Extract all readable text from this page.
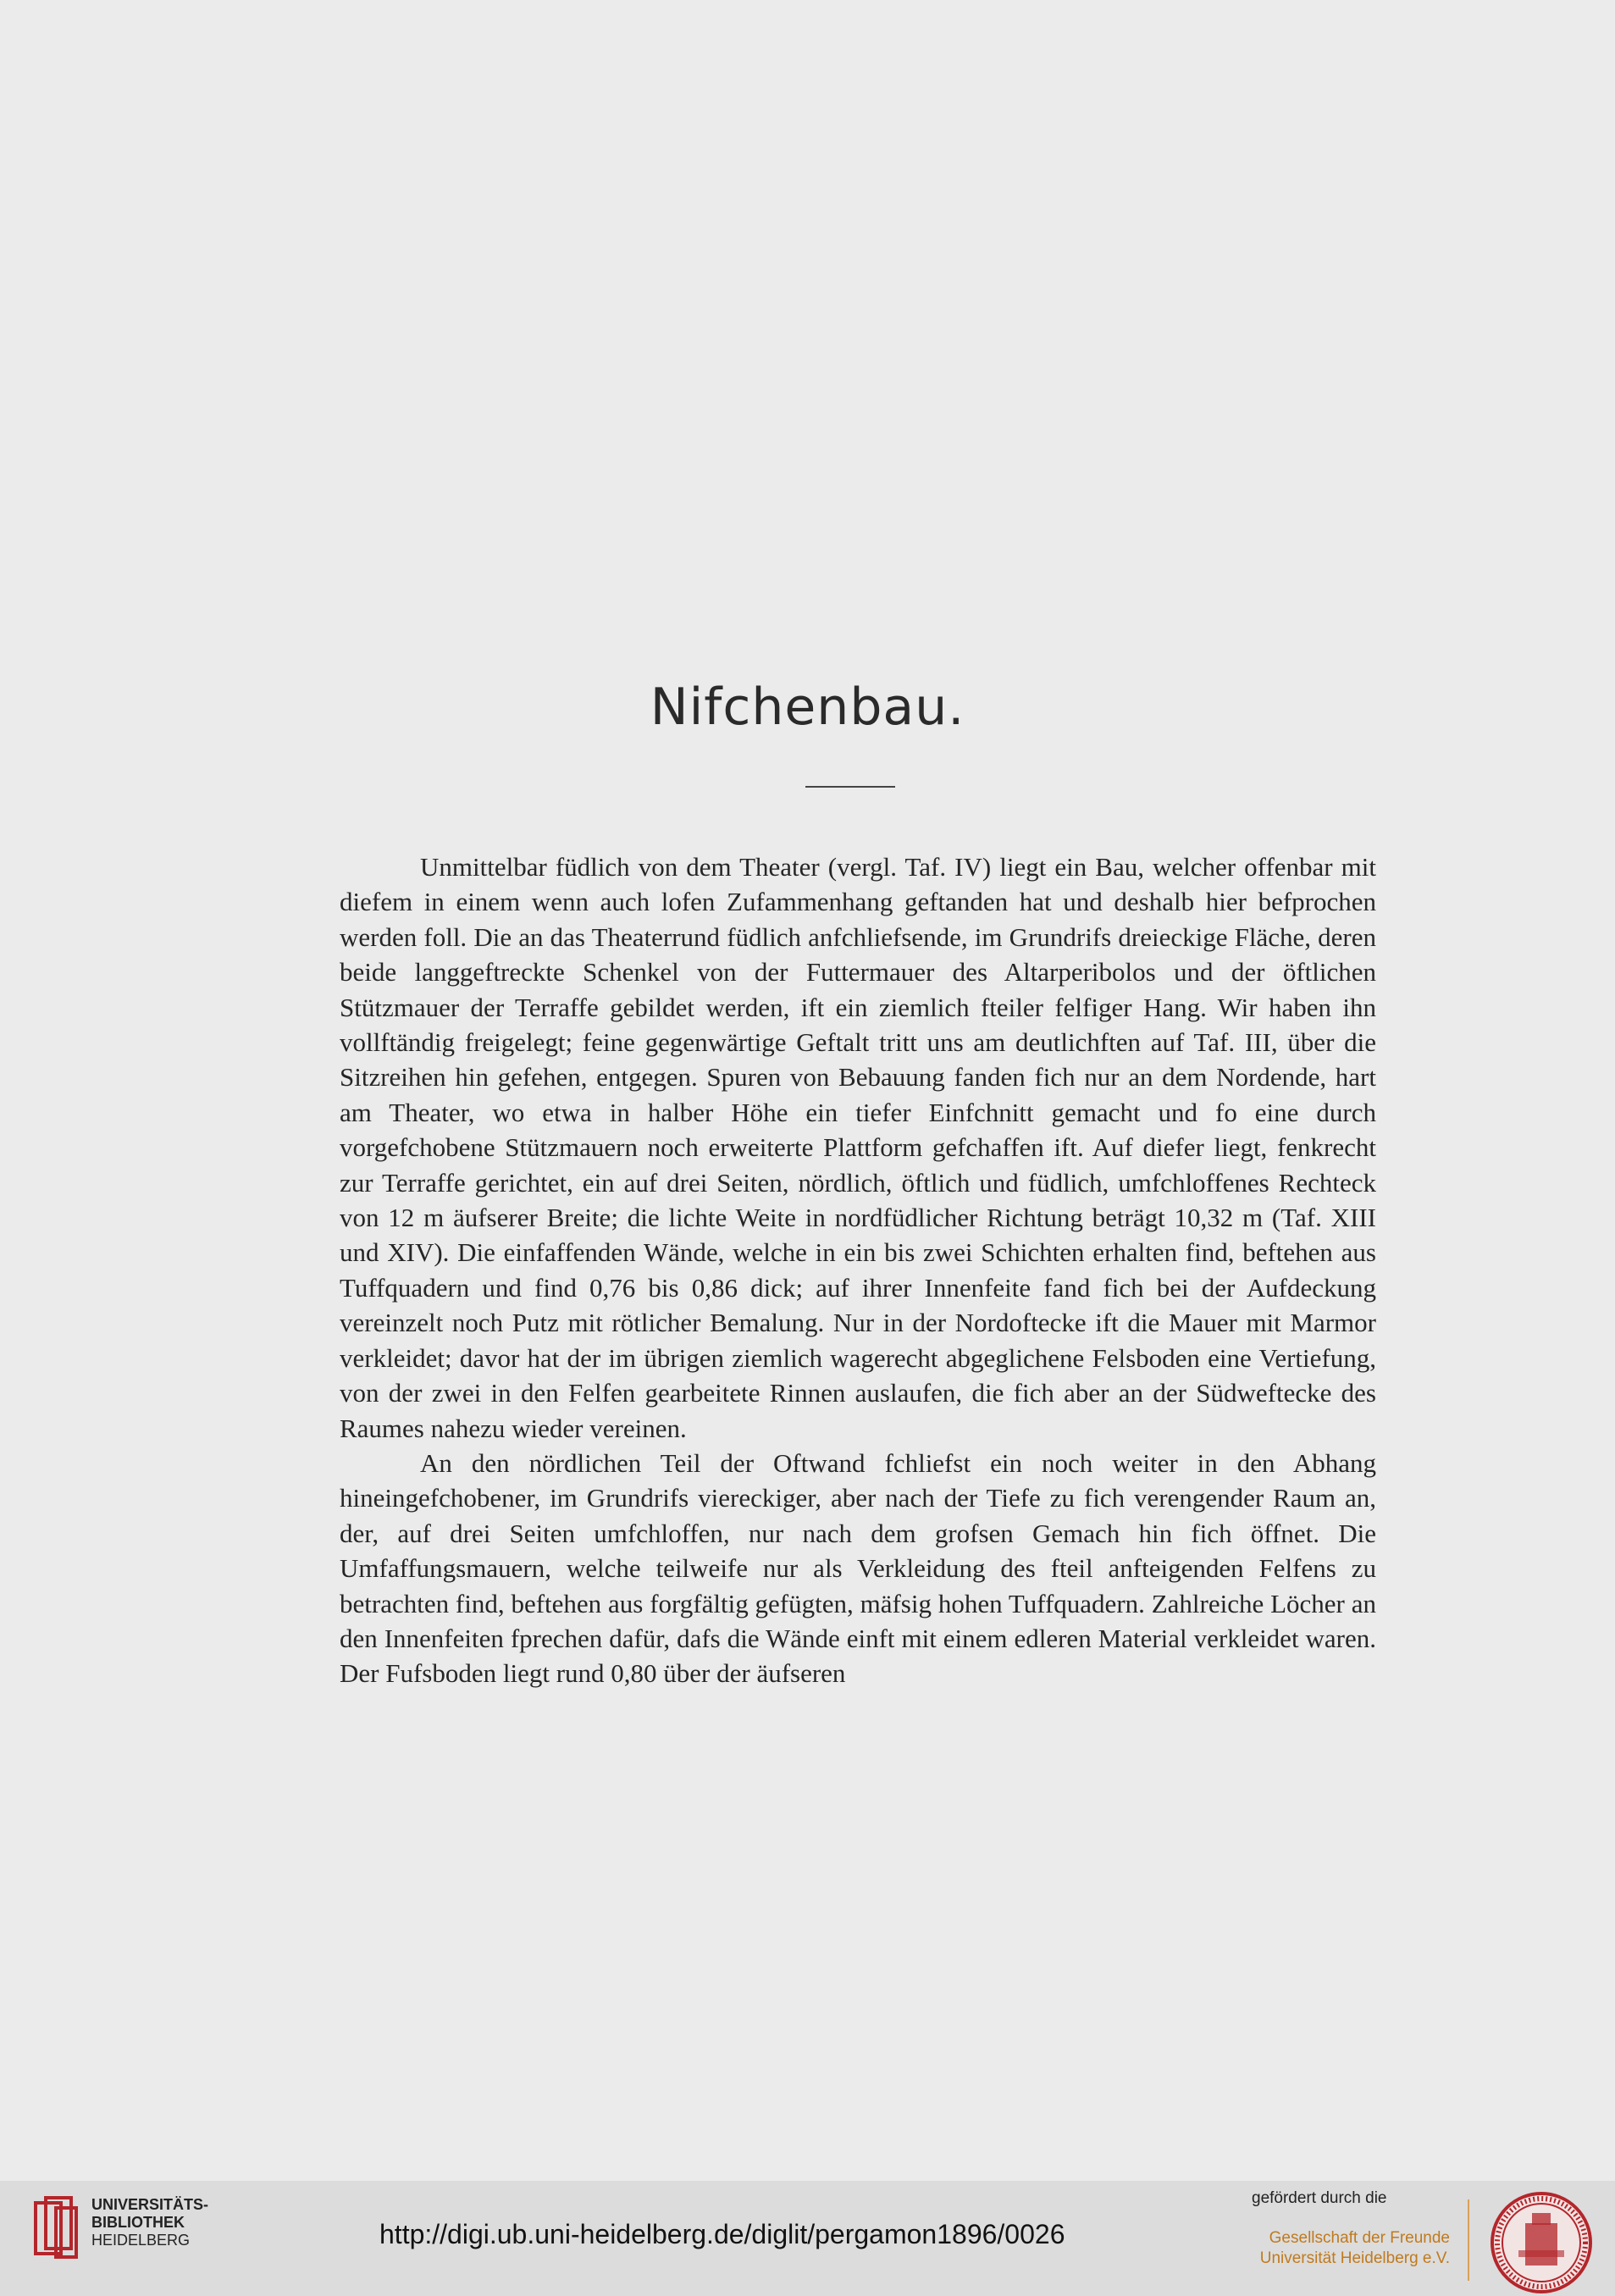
Nifchenbau.

Unmittelbar füdlich von dem Theater (vergl. Taf. IV) liegt ein Bau, welcher offenbar mit diefem in einem wenn auch lofen Zufammenhang geftanden hat und deshalb hier befprochen werden foll. Die an das Theaterrund füdlich anfchliefsende, im Grundrifs dreieckige Fläche, deren beide langgeftreckte Schenkel von der Futtermauer des Altarperibolos und der öftlichen Stützmauer der Terraffe gebildet werden, ift ein ziemlich fteiler felfiger Hang. Wir haben ihn vollftändig freigelegt; feine gegenwärtige Geftalt tritt uns am deutlichften auf Taf. III, über die Sitzreihen hin gefehen, entgegen. Spuren von Bebauung fanden fich nur an dem Nordende, hart am Theater, wo etwa in halber Höhe ein tiefer Einfchnitt gemacht und fo eine durch vorgefchobene Stützmauern noch erweiterte Plattform gefchaffen ift. Auf diefer liegt, fenkrecht zur Terraffe gerichtet, ein auf drei Seiten, nördlich, öftlich und füdlich, umfchloffenes Rechteck von 12 m äufserer Breite; die lichte Weite in nordfüdlicher Richtung beträgt 10,32 m (Taf. XIII und XIV). Die einfaffenden Wände, welche in ein bis zwei Schichten erhalten find, beftehen aus Tuffquadern und find 0,76 bis 0,86 dick; auf ihrer Innenfeite fand fich bei der Aufdeckung vereinzelt noch Putz mit rötlicher Bemalung. Nur in der Nordoftecke ift die Mauer mit Marmor verkleidet; davor hat der im übrigen ziemlich wagerecht abgeglichene Felsboden eine Vertiefung, von der zwei in den Felfen gearbeitete Rinnen auslaufen, die fich aber an der Südweftecke des Raumes nahezu wieder vereinen.

An den nördlichen Teil der Oftwand fchliefst ein noch weiter in den Abhang hineingefchobener, im Grundrifs viereckiger, aber nach der Tiefe zu fich verengender Raum an, der, auf drei Seiten umfchloffen, nur nach dem grofsen Gemach hin fich öffnet. Die Umfaffungsmauern, welche teilweife nur als Verkleidung des fteil anfteigenden Felfens zu betrachten find, beftehen aus forgfältig gefügten, mäfsig hohen Tuffquadern. Zahlreiche Löcher an den Innenfeiten fprechen dafür, dafs die Wände einft mit einem edleren Material verkleidet waren. Der Fufsboden liegt rund 0,80 über der äufseren

UNIVERSITÄTS-
BIBLIOTHEK
HEIDELBERG	http://digi.ub.uni-heidelberg.de/diglit/pergamon1896/0026
gefördert durch die
Gesellschaft der Freunde
Universität Heidelberg e.V.
